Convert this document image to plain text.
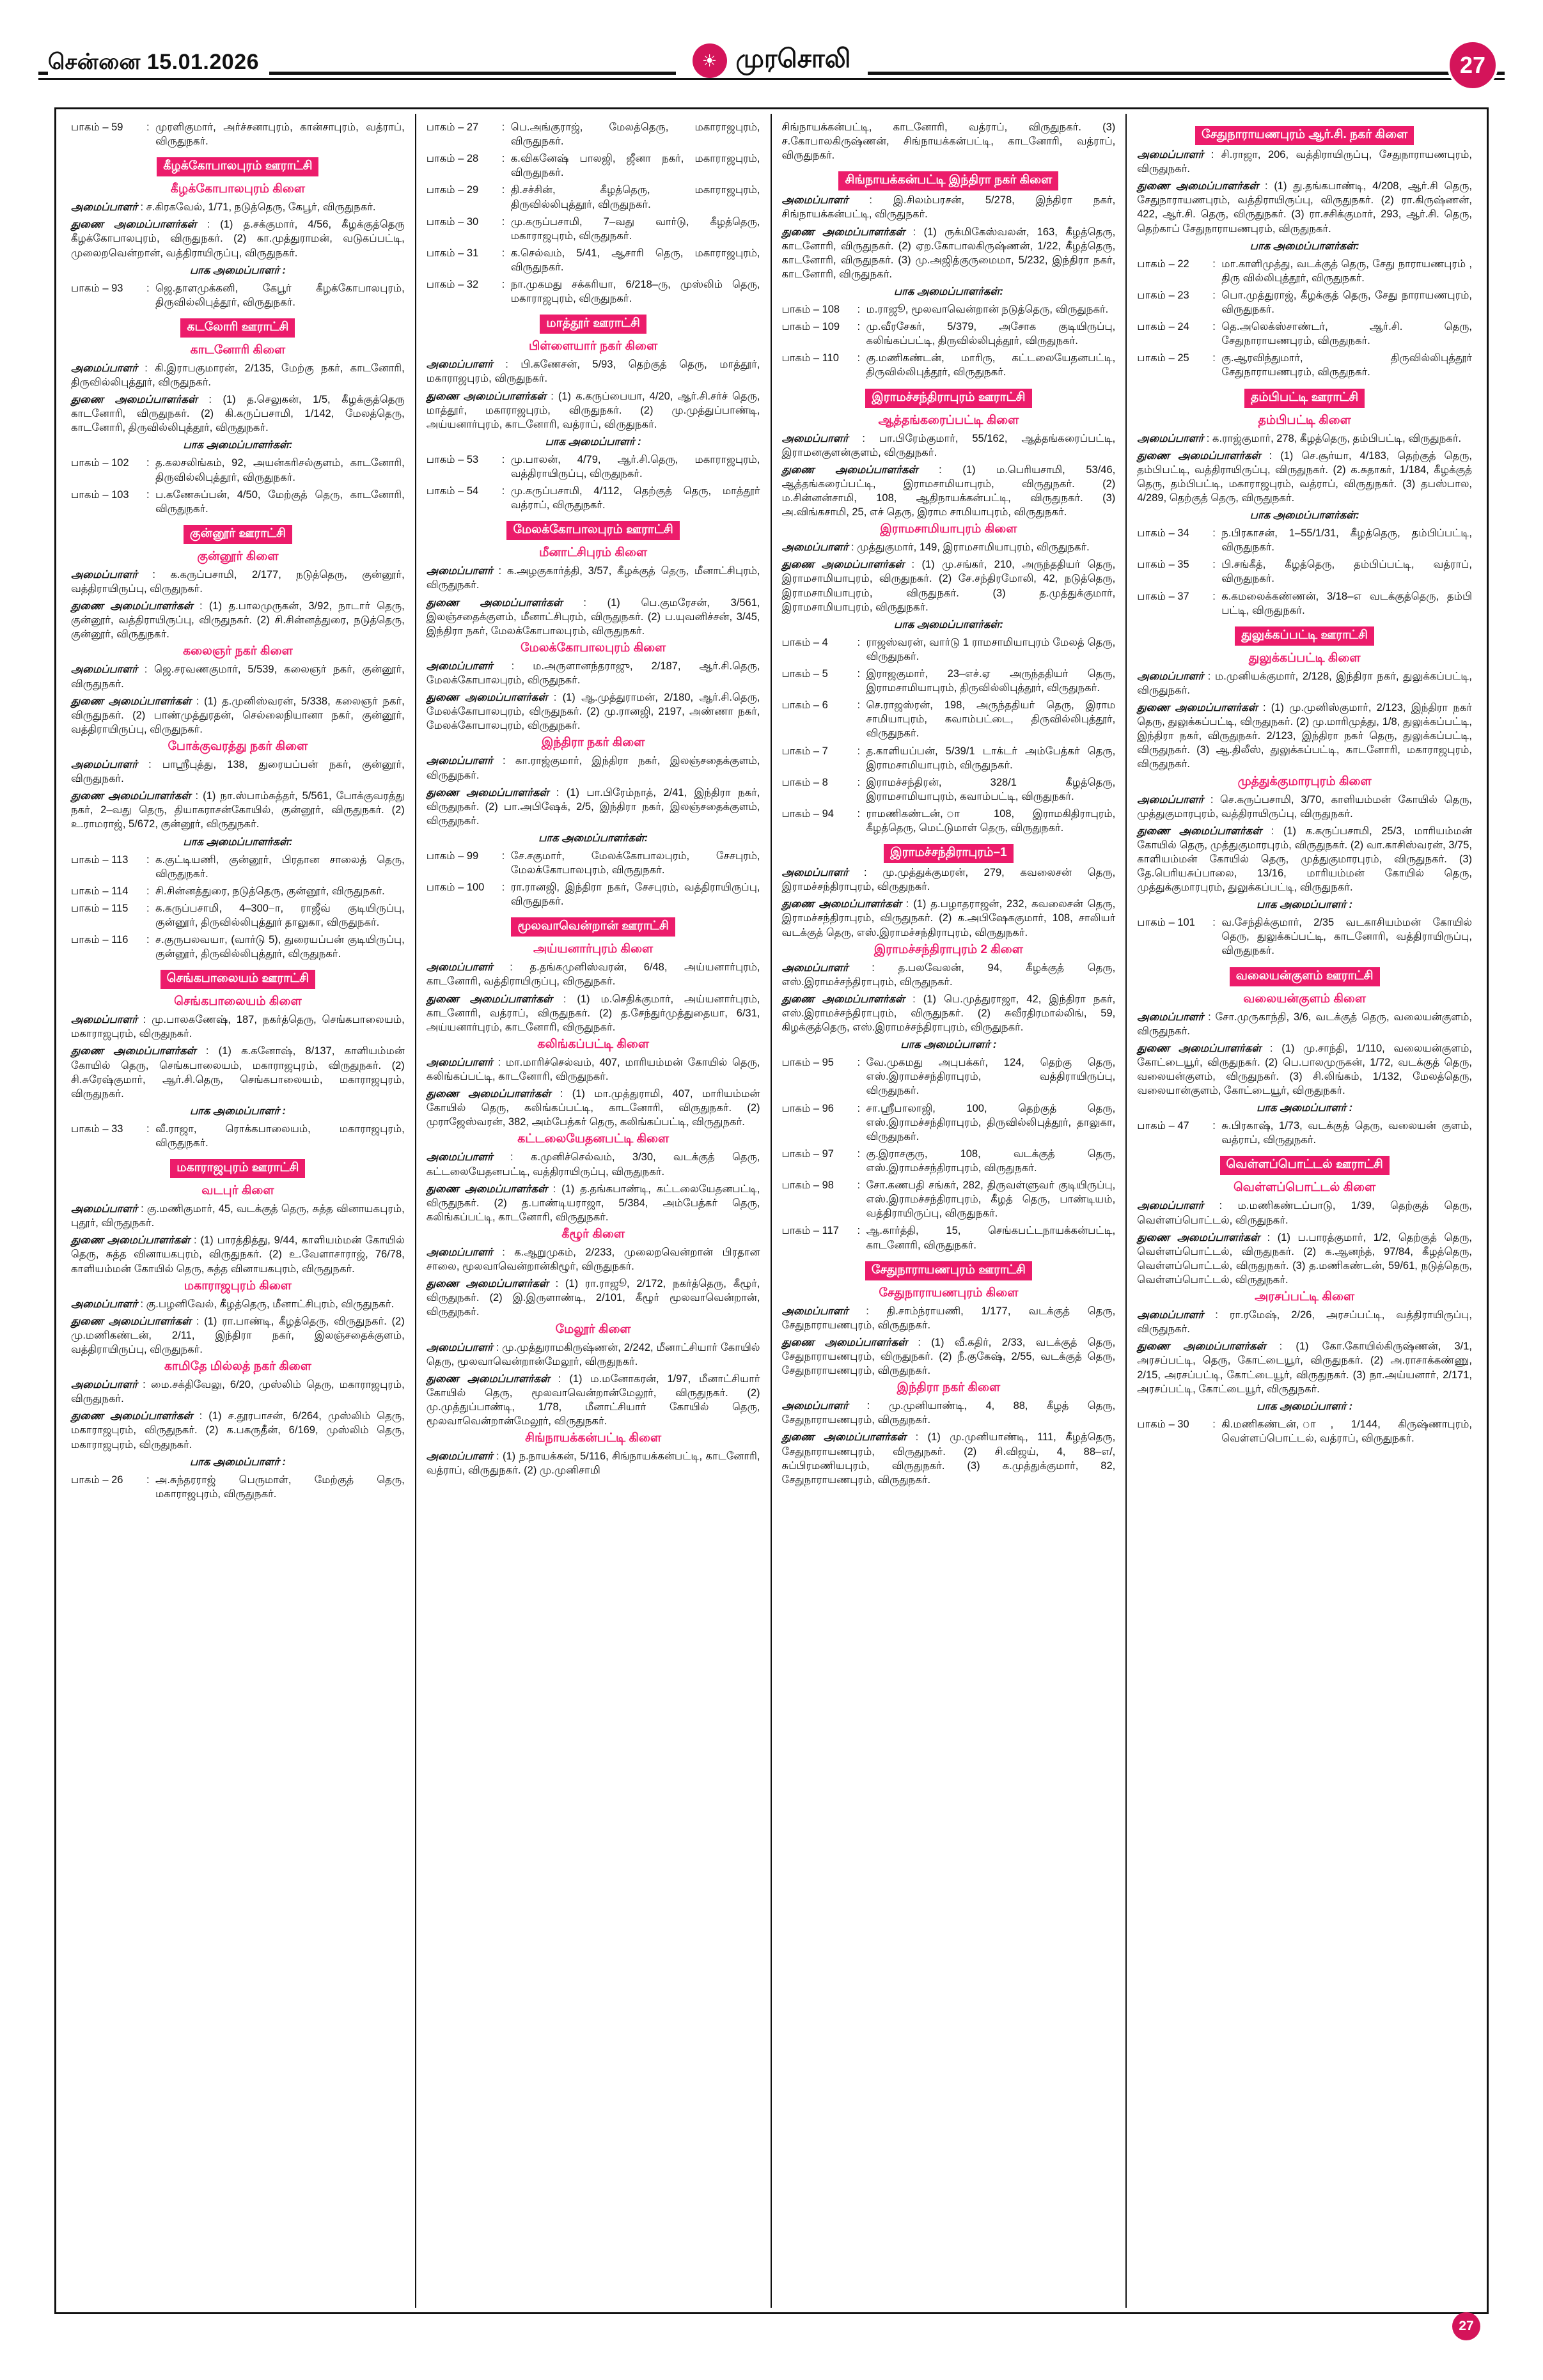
சென்னை 15.01.2026	☀ முரசொலி	27
பாகம் – 59	: முரளிகுமார், அர்ச்சனாபுரம், கான்சாபுரம், வத்ராப், விருதுநகர்.
கீழக்கோபாலபுரம் ஊராட்சி
கீழக்கோபாலபுரம் கிளை

அமைப்பாளர் : ச.கிரகவேல், 1/71, நடுத்தெரு, கேபூர், விருதுநகர்.

துணை அமைப்பாளர்கள் : (1) த.சக்குமார், 4/56, கீழக்குத்தெரு கீழக்கோபாலபுரம், விருதுநகர். (2) கா.முத்துராமன், வடுகப்பட்டி, முலைறவென்றான், வத்திராயிருப்பு, விருதுநகர்.

பாக அமைப்பாளர் :
பாகம் – 93	: ஜெ.தாளமுக்கனி, கேபூர் கீழக்கோபாலபுரம், திருவில்லிபுத்தூர், விருதுநகர்.
கடலோரி ஊராட்சி
காடனோரி கிளை

அமைப்பாளர் : கி.இராபகுமாரன், 2/135, மேற்கு நகர், காடனோரி, திருவில்லிபுத்தூர், விருதுநகர்.

துணை அமைப்பாளர்கள் : (1) த.செலுகன், 1/5, கீழக்குத்தெரு காடனோரி, விருதுநகர். (2) கி.கருப்பசாமி, 1/142, மேலத்தெரு, காடனோரி, திருவில்லிபுத்தூர், விருதுநகர்.

பாக அமைப்பாளர்கள்:
பாகம் – 102	: த.கலசலிங்கம், 92, அயன்கரிசல்குளம், காடனோரி, திருவில்லிபுத்தூர், விருதுநகர்.
பாகம் – 103	: ப.கணேசுப்பன், 4/50, மேற்குத் தெரு, காடனோரி, விருதுநகர்.
குன்னூர் ஊராட்சி
குன்னூர் கிளை

அமைப்பாளர் : க.கருப்பசாமி, 2/177, நடுத்தெரு, குன்னூர், வத்திராயிருப்பு, விருதுநகர்.

துணை அமைப்பாளர்கள் : (1) த.பாலமுருகன், 3/92, நாடார் தெரு, குன்னூர், வத்திராயிருப்பு, விருதுநகர். (2) சி.சின்னத்துரை, நடுத்தெரு, குன்னூர், விருதுநகர்.

கலைஞர் நகர் கிளை

அமைப்பாளர் : ஜெ.சரவணகுமார், 5/539, கலைஞர் நகர், குன்னூர், விருதுநகர்.

துணை அமைப்பாளர்கள் : (1) த.முனிஸ்வரன், 5/338, கலைஞர் நகர், விருதுநகர். (2) பாண்முத்துரதன், செல்லைநியானா நகர், குன்னூர், வத்திராயிருப்பு, விருதுநகர்.

போக்குவரத்து நகர் கிளை

அமைப்பாளர் : பாஸ்ரீபுத்து, 138, துரையப்பன் நகர், குன்னூர், விருதுநகர்.

துணை அமைப்பாளர்கள் : (1) நா.ஸ்பாம்சுத்தர், 5/561, போக்குவரத்து நகர், 2–வது தெரு, தியாகராசன்கோயில், குன்னூர், விருதுநகர். (2) உ.ராமராஜ், 5/672, குன்னூர், விருதுநகர்.

பாக அமைப்பாளர்கள்:
பாகம் – 113	: க.குட்டியணி, குன்னூர், பிரதான சாலைத் தெரு, விருதுநகர்.
பாகம் – 114	: சி.சின்னத்துரை, நடுத்தெரு, குன்னூர், விருதுநகர்.
பாகம் – 115	: க.கருப்பசாமி, 4–300–ா, ராஜீவ் குடியிருப்பு, குன்னூர், திருவில்லிபுத்தூர் தாலுகா, விருதுநகர்.
பாகம் – 116	: ச.குருபலவயா, (வார்டு 5), துரையப்பன் குடியிருப்பு, குன்னூர், திருவில்லிபுத்தூர், விருதுநகர்.
செங்கபாலையம் ஊராட்சி
செங்கபாலையம் கிளை

அமைப்பாளர் : மு.பாலகணேஷ், 187, நகர்த்தெரு, செங்கபாலையம், மகாராஜபுரம், விருதுநகர்.

துணை அமைப்பாளர்கள் : (1) க.கனோஷ், 8/137, காளியம்மன் கோயில் தெரு, செங்கபாலையம், மகாராஜபுரம், விருதுநகர். (2) சி.சுரேஷ்குமார், ஆர்.சி.தெரு, செங்கபாலையம், மகாராஜபுரம், விருதுநகர்.

பாக அமைப்பாளர் :
பாகம் – 33	: வீ.ராஜா, ரொக்கபாலையம், மகாராஜபுரம், விருதுநகர்.
மகாராஜபுரம் ஊராட்சி
வடபுர் கிளை

அமைப்பாளர் : கு.மணிகுமார், 45, வடக்குத் தெரு, சுத்த வினாயகபுரம், புதூர், விருதுநகர்.

துணை அமைப்பாளர்கள் : (1) பாரத்தித்து, 9/44, காளியம்மன் கோயில் தெரு, சுத்த வினாயகபுரம், விருதுநகர். (2) உ.வேளாசாராஜ், 76/78, காளியம்மன் கோயில் தெரு, சுத்த வினாயகபுரம், விருதுநகர்.

மகாராஜபுரம் கிளை

அமைப்பாளர் : கு.பழனிவேல், கீழத்தெரு, மீனாட்சிபுரம், விருதுநகர்.

துணை அமைப்பாளர்கள் : (1) ரா.பாண்டி, கீழத்தெரு, விருதுநகர். (2) மு.மணிகண்டன், 2/11, இந்திரா நகர், இலஞ்சதைக்குளம், வத்திராயிருப்பு, விருதுநகர்.

காமிதே மில்லத் நகர் கிளை

அமைப்பாளர் : மை.சக்திவேலு, 6/20, முஸ்லிம் தெரு, மகாராஜபுரம், விருதுநகர்.

துணை அமைப்பாளர்கள் : (1) ச.தூரபாசன், 6/264, முஸ்லிம் தெரு, மகாராஜபுரம், விருதுநகர். (2) க.பகருதீன், 6/169, முஸ்லிம் தெரு, மகாராஜபுரம், விருதுநகர்.

பாக அமைப்பாளர் :
பாகம் – 26	: அ.சுந்தரராஜ் பெருமாள், மேற்குத் தெரு, மகாராஜபுரம், விருதுநகர்.
பாகம் – 27	: பெ.அங்குராஜ், மேலத்தெரு, மகாராஜபுரம், விருதுநகர்.
பாகம் – 28	: க.விகனேஷ் பாலஜி, ஜீனா நகர், மகாராஜபுரம், விருதுநகர்.
பாகம் – 29	: தி.சச்சின், கீழத்தெரு, மகாராஜபுரம், திருவில்லிபுத்தூர், விருதுநகர்.
பாகம் – 30	: மு.கருப்பசாமி, 7–வது வார்டு, கீழத்தெரு, மகாராஜபுரம், விருதுநகர்.
பாகம் – 31	: க.செல்வம், 5/41, ஆசாரி தெரு, மகாராஜபுரம், விருதுநகர்.
பாகம் – 32	: நா.முகமது சக்கரியா, 6/218–ரு, முஸ்லிம் தெரு, மகாராஜபுரம், விருதுநகர்.
மாத்தூர் ஊராட்சி
பிள்ளையார் நகர் கிளை

அமைப்பாளர் : பி.கணேசன், 5/93, தெற்குத் தெரு, மாத்தூர், மகாராஜபுரம், விருதுநகர்.

துணை அமைப்பாளர்கள் : (1) க.கருப்பையா, 4/20, ஆர்.சி.சர்ச் தெரு, மாத்தூர், மகாராஜபுரம், விருதுநகர். (2) மு.முத்துப்பாண்டி, அய்யனார்புரம், காடனோரி, வத்ராப், விருதுநகர்.

பாக அமைப்பாளர் :
பாகம் – 53	: மு.பாலன், 4/79, ஆர்.சி.தெரு, மகாராஜபுரம், வத்திராயிருப்பு, விருதுநகர்.
பாகம் – 54	: மு.கருப்பசாமி, 4/112, தெற்குத் தெரு, மாத்தூர் வத்ராப், விருதுநகர்.
மேலக்கோபாலபுரம் ஊராட்சி
மீனாட்சிபுரம் கிளை

அமைப்பாளர் : க.அழகுகார்த்தி, 3/57, கீழக்குத் தெரு, மீனாட்சிபுரம், விருதுநகர்.

துணை அமைப்பாளர்கள் : (1) பெ.குமரேசன், 3/561, இலஞ்சதைக்குளம், மீனாட்சிபுரம், விருதுநகர். (2) ப.யுவனிச்சன், 3/45, இந்திரா நகர், மேலக்கோபாலபுரம், விருதுநகர்.

மேலக்கோபாலபுரம் கிளை

அமைப்பாளர் : ம.அருளானந்தராஜு, 2/187, ஆர்.சி.தெரு, மேலக்கோபாலபுரம், விருதுநகர்.

துணை அமைப்பாளர்கள் : (1) ஆ.முத்துராமன், 2/180, ஆர்.சி.தெரு, மேலக்கோபாலபுரம், விருதுநகர். (2) மு.ரானஜி, 2197, அண்ணா நகர், மேலக்கோபாலபுரம், விருதுநகர்.

இந்திரா நகர் கிளை

அமைப்பாளர் : கா.ராஜ்குமார், இந்திரா நகர், இலஞ்சதைக்குளம், விருதுநகர்.

துணை அமைப்பாளர்கள் : (1) பா.பிரேம்நாத், 2/41, இந்திரா நகர், விருதுநகர். (2) பா.அபிஷேக், 2/5, இந்திரா நகர், இலஞ்சதைக்குளம், விருதுநகர்.

பாக அமைப்பாளர்கள்:
பாகம் – 99	: சே.சகுமார், மேலக்கோபாலபுரம், சேசபுரம், மேலக்கோபாலபுரம், விருதுநகர்.
பாகம் – 100	: ரா.ரானஜி, இந்திரா நகர், சேசபுரம், வத்திராயிருப்பு, விருதுநகர்.
மூலவாவென்றான் ஊராட்சி
அய்யனார்புரம் கிளை

அமைப்பாளர் : த.தங்கமுனிஸ்வரன், 6/48, அய்யனார்புரம், காடனோரி, வத்திராயிருப்பு, விருதுநகர்.

துணை அமைப்பாளர்கள் : (1) ம.செதிக்குமார், அய்யனார்புரம், காடனோரி, வத்ராப், விருதுநகர். (2) த.சேந்துர்முத்துதையா, 6/31, அய்யனார்புரம், காடனோரி, விருதுநகர்.

கலிங்கப்பட்டி கிளை

அமைப்பாளர் : மா.மாரிச்செல்வம், 407, மாரியம்மன் கோயில் தெரு, கலிங்கப்பட்டி, காடனோரி, விருதுநகர்.

துணை அமைப்பாளர்கள் : (1) மா.முத்துராமி, 407, மாரியம்மன் கோயில் தெரு, கலிங்கப்பட்டி, காடனோரி, விருதுநகர். (2) முராஜேஸ்வரன், 382, அம்பேத்கர் தெரு, கலிங்கப்பட்டி, விருதுநகர்.

கட்டலையேதனபட்டி கிளை

அமைப்பாளர் : க.முனிச்செல்வம், 3/30, வடக்குத் தெரு, கட்டலையேதனபட்டி, வத்திராயிருப்பு, விருதுநகர்.

துணை அமைப்பாளர்கள் : (1) த.தங்கபாண்டி, கட்டலையேதனபட்டி, விருதுநகர். (2) த.பாண்டியராஜா, 5/384, அம்பேத்கர் தெரு, கலிங்கப்பட்டி, காடனோரி, விருதுநகர்.

கீழூர் கிளை

அமைப்பாளர் : க.ஆறுமுகம், 2/233, முலைறவென்றான் பிரதான சாலை, மூலவாவென்றான்கிழூர், விருதுநகர்.

துணை அமைப்பாளர்கள் : (1) ரா.ராஜூ, 2/172, நகர்த்தெரு, கீழூர், விருதுநகர். (2) இ.இருளாண்டி, 2/101, கீழூர் மூலவாவென்றான், விருதுநகர்.

மேலூர் கிளை

அமைப்பாளர் : மு.முத்துராமகிருஷ்ணன், 2/242, மீனாட்சியார் கோயில் தெரு, மூலவாவென்றான்மேலூர், விருதுநகர்.

துணை அமைப்பாளர்கள் : (1) ம.மனோகரன், 1/97, மீனாட்சியார் கோயில் தெரு, மூலவாவென்றான்மேலூர், விருதுநகர். (2) மு.முத்துப்பாண்டி, 1/78, மீனாட்சியார் கோயில் தெரு, மூலவாவென்றான்மேலூர், விருதுநகர்.

சிங்நாயக்கன்பட்டி கிளை

அமைப்பாளர் : (1) ந.நாயக்கன், 5/116, சிங்நாயக்கன்பட்டி, காடனோரி, வத்ராப், விருதுநகர். (2) மு.முனிசாமி

சிங்நாயக்கன்பட்டி, காடனோரி, வத்ராப், விருதுநகர். (3) ச.கோபாலகிருஷ்ணன், சிங்நாயக்கன்பட்டி, காடனோரி, வத்ராப், விருதுநகர்.

சிங்நாயக்கன்பட்டி இந்திரா நகர் கிளை

அமைப்பாளர் : இ.சிலம்பரசன், 5/278, இந்திரா நகர், சிங்நாயக்கன்பட்டி, விருதுநகர்.

துணை அமைப்பாளர்கள் : (1) ருக்மிகேஸ்வலன், 163, கீழத்தெரு, காடனோரி, விருதுநகர். (2) ஏற.கோபாலகிருஷ்ணன், 1/22, கீழத்தெரு, காடனோரி, விருதுநகர். (3) மு.அஜித்குருமைமா, 5/232, இந்திரா நகர், காடனோரி, விருதுநகர்.

பாக அமைப்பாளர்கள்:
பாகம் – 108	: ம.ராஜூ, மூலவாவென்றான் நடுத்தெரு, விருதுநகர்.
பாகம் – 109	: மு.வீரசேகர், 5/379, அசோக குடியிருப்பு, கலிங்கப்பட்டி, திருவில்லிபுத்தூர், விருதுநகர்.
பாகம் – 110	: கு.மணிகண்டன், மாரிரு, கட்டலையேதனபட்டி, திருவில்லிபுத்தூர், விருதுநகர்.
இராமச்சந்திராபுரம் ஊராட்சி
ஆத்தங்கரைப்பட்டி கிளை

அமைப்பாளர் : பா.பிரேம்குமார், 55/162, ஆத்தங்கரைப்பட்டி, இராமனகுளன்குளம், விருதுநகர்.

துணை அமைப்பாளர்கள் : (1) ம.பெரியசாமி, 53/46, ஆத்தங்கரைப்பட்டி, இராமசாமியாபுரம், விருதுநகர். (2) ம.சின்னன்சாமி, 108, ஆதிநாயக்கன்பட்டி, விருதுநகர். (3) அ.விங்கசாமி, 25, எச் தெரு, இராம சாமியாபுரம், விருதுநகர்.

இராமசாமியாபுரம் கிளை

அமைப்பாளர் : முத்துகுமார், 149, இராமசாமியாபுரம், விருதுநகர்.

துணை அமைப்பாளர்கள் : (1) மு.சங்கர், 210, அருந்ததியர் தெரு, இராமசாமியாபுரம், விருதுநகர். (2) சே.சந்திரமோலி, 42, நடுத்தெரு, இராமசாமியாபுரம், விருதுநகர். (3) த.முத்துக்குமார், இராமசாமியாபுரம், விருதுநகர்.

பாக அமைப்பாளர்கள்:
பாகம் – 4	: ராஜஸ்வரன், வார்டு 1 ராமசாமியாபுரம் மேலத் தெரு, விருதுநகர்.
பாகம் – 5	: இராஜகுமார், 23–எச்.ஏ அருந்ததியர் தெரு, இராமசாமியாபுரம், திருவில்லிபுத்தூர், விருதுநகர்.
பாகம் – 6	: செ.ராஜஸ்ரன், 198, அருந்ததியர் தெரு, இராம சாமியாபுரம், கவாம்பட்டை, திருவில்லிபுத்தூர், விருதுநகர்.
பாகம் – 7	: த.காளியப்பன், 5/39/1 டாக்டர் அம்பேத்கர் தெரு, இராமசாமியாபுரம், விருதுநகர்.
பாகம் – 8	: இராமச்சந்திரன், 328/1 கீழத்தெரு, இராமசாமியாபுரம், கவாம்பட்டி, விருதுநகர்.
பாகம் – 94	: ராமணிகண்டன், ா 108, இராமகிதிராபுரம், கீழத்தெரு, மெட்டுமாள் தெரு, விருதுநகர்.
இராமச்சந்திராபுரம்–1

அமைப்பாளர் : மு.முத்துக்குமரன், 279, கவலைசன் தெரு, இராமச்சந்திராபுரம், விருதுநகர்.

துணை அமைப்பாளர்கள் : (1) த.பழாதராஜன், 232, கவலைசன் தெரு, இராமச்சந்திராபுரம், விருதுநகர். (2) க.அபிஷேககுமார், 108, சாலியர் வடக்குத் தெரு, எஸ்.இராமச்சந்திராபுரம், விருதுநகர்.

இராமச்சந்திராபுரம் 2 கிளை

அமைப்பாளர் : த.பலவேலன், 94, கீழக்குத் தெரு, எஸ்.இராமச்சந்திராபுரம், விருதுநகர்.

துணை அமைப்பாளர்கள் : (1) பெ.முத்துராஜா, 42, இந்திரா நகர், எஸ்.இராமச்சந்திராபுரம், விருதுநகர். (2) சுவீரதிரமால்லிங், 59, கிழக்குத்தெரு, எஸ்.இராமச்சந்திராபுரம், விருதுநகர்.

பாக அமைப்பாளர் :
பாகம் – 95	: வே.முகமது அபுபக்கர், 124, தெற்கு தெரு, எஸ்.இராமச்சந்திராபுரம், வத்திராயிருப்பு, விருதுநகர்.
பாகம் – 96	: சா.ஸ்ரீபாலாஜி, 100, தெற்குத் தெரு, எஸ்.இராமச்சந்திராபுரம், திருவில்லிபுத்தூர், தாலுகா, விருதுநகர்.
பாகம் – 97	: கு.இராசகுரு, 108, வடக்குத் தெரு, எஸ்.இராமச்சந்திராபுரம், விருதுநகர்.
பாகம் – 98	: சோ.கணபதி சங்கர், 282, திருவள்ளுவர் குடியிருப்பு, எஸ்.இராமச்சந்திராபுரம், கீழத் தெரு, பாண்டியம், வத்திராயிருப்பு, விருதுநகர்.
பாகம் – 117	: ஆ.கார்த்தி, 15, செங்கபட்டநாயக்கன்பட்டி, காடனோரி, விருதுநகர்.
சேதுநாராயணபுரம் ஊராட்சி
சேதுநாராயணபுரம் கிளை

அமைப்பாளர் : தி.சாம்ந்ராயணி, 1/177, வடக்குத் தெரு, சேதுநாராயணபுரம், விருதுநகர்.

துணை அமைப்பாளர்கள் : (1) வீ.கதிர், 2/33, வடக்குத் தெரு, சேதுநாராயணபுரம், விருதுநகர். (2) நீ.குகேஷ், 2/55, வடக்குத் தெரு, சேதுநாராயணபுரம், விருதுநகர்.

இந்திரா நகர் கிளை

அமைப்பாளர் : மு.முனியாண்டி, 4, 88, கீழத் தெரு, சேதுநாராயணபுரம், விருதுநகர்.

துணை அமைப்பாளர்கள் : (1) மு.முனியாண்டி, 111, கீழத்தெரு, சேதுநாராயணபுரம், விருதுநகர். (2) சி.விஜய், 4, 88–எ/, சுப்பிரமணியபுரம், விருதுநகர். (3) க.முத்துக்குமார், 82, சேதுநாராயணபுரம், விருதுநகர்.

சேதுநாராயணபுரம் ஆர்.சி. நகர் கிளை

அமைப்பாளர் : சி.ராஜா, 206, வத்திராயிருப்பு, சேதுநாராயணபுரம், விருதுநகர்.

துணை அமைப்பாளர்கள் : (1) து.தங்கபாண்டி, 4/208, ஆர்.சி தெரு, சேதுநாராயணபுரம், வத்திராயிருப்பு, விருதுநகர். (2) ரா.கிருஷ்ணன், 422, ஆர்.சி. தெரு, விருதுநகர். (3) ரா.சசிக்குமார், 293, ஆர்.சி. தெரு, தெற்காப் சேதுநாராயணபுரம், விருதுநகர்.

பாக அமைப்பாளர்கள்:
பாகம் – 22	: மா.காளிமுத்து, வடக்குத் தெரு, சேது நாராயணபுரம் , திரு வில்லிபுத்தூர், விருதுநகர்.
பாகம் – 23	: பொ.முத்துராஜ், கீழக்குத் தெரு, சேது நாராயணபுரம், விருதுநகர்.
பாகம் – 24	: தெ.அலெக்ஸ்சாண்டர், ஆர்.சி. தெரு, சேதுநாராயணபுரம், விருதுநகர்.
பாகம் – 25	: கு.ஆரவிந்துமார், திருவில்லிபுத்தூர் சேதுநாராயணபுரம், விருதுநகர்.
தம்பிபட்டி ஊராட்சி
தம்பிபட்டி கிளை

அமைப்பாளர் : க.ராஜ்குமார், 278, கீழத்தெரு, தம்பிபட்டி, விருதுநகர்.

துணை அமைப்பாளர்கள் : (1) செ.சூர்யா, 4/183, தெற்குத் தெரு, தம்பிபட்டி, வத்திராயிருப்பு, விருதுநகர். (2) க.சுதாகர், 1/184, கீழக்குத் தெரு, தம்பிபட்டி, மகாராஜபுரம், வத்ராப், விருதுநகர். (3) தபஸ்பால, 4/289, தெற்குத் தெரு, விருதுநகர்.

பாக அமைப்பாளர்கள்:
பாகம் – 34	: ந.பிரகாசன், 1–55/1/31, கீழத்தெரு, தம்பிப்பட்டி, விருதுநகர்.
பாகம் – 35	: பி.சங்கீத், கீழத்தெரு, தம்பிப்பட்டி, வத்ராப், விருதுநகர்.
பாகம் – 37	: க.கமலைக்கண்ணன், 3/18–எ வடக்குத்தெரு, தம்பி பட்டி, விருதுநகர்.
துலுக்கப்பட்டி ஊராட்சி
துலுக்கப்பட்டி கிளை

அமைப்பாளர் : ம.முனியக்குமார், 2/128, இந்திரா நகர், துலுக்கப்பட்டி, விருதுநகர்.

துணை அமைப்பாளர்கள் : (1) மு.முனிஸ்குமார், 2/123, இந்திரா நகர் தெரு, துலுக்கப்பட்டி, விருதுநகர். (2) மு.மாரிமுத்து, 1/8, துலுக்கப்பட்டி, இந்திரா நகர், விருதுநகர். 2/123, இந்திரா நகர் தெரு, துலுக்கப்பட்டி, விருதுநகர். (3) ஆ.திலீஸ், துலுக்கப்பட்டி, காடனோரி, மகாராஜபுரம், விருதுநகர்.

முத்துக்குமாரபுரம் கிளை

அமைப்பாளர் : செ.கருப்பசாமி, 3/70, காளியம்மன் கோயில் தெரு, முத்துகுமாரபுரம், வத்திராயிருப்பு, விருதுநகர்.

துணை அமைப்பாளர்கள் : (1) க.கருப்பசாமி, 25/3, மாரியம்மன் கோயில் தெரு, முத்துகுமாரபுரம், விருதுநகர். (2) வா.காசிஸ்வரன், 3/75, காளியம்மன் கோயில் தெரு, முத்துகுமாரபுரம், விருதுநகர். (3) தே.பெரியசுப்பாலை, 13/16, மாரியம்மன் கோயில் தெரு, முத்துக்குமாரபுரம், துலுக்கப்பட்டி, விருதுநகர்.

பாக அமைப்பாளர் :
பாகம் – 101	: வ.சேந்திக்குமார், 2/35 வடகாசியம்மன் கோயில் தெரு, துலுக்கப்பட்டி, காடனோரி, வத்திராயிருப்பு, விருதுநகர்.
வலையன்குளம் ஊராட்சி
வலையன்குளம் கிளை

அமைப்பாளர் : சோ.முருகாந்தி, 3/6, வடக்குத் தெரு, வலையன்குளம், விருதுநகர்.

துணை அமைப்பாளர்கள் : (1) மு.சாந்தி, 1/110, வலையன்குளம், கோட்டையூர், விருதுநகர். (2) பெ.பாலமுருகன், 1/72, வடக்குத் தெரு, வலையன்குளம், விருதுநகர். (3) சி.லிங்கம், 1/132, மேலத்தெரு, வலையான்குளம், கோட்டையூர், விருதுநகர்.

பாக அமைப்பாளர் :
பாகம் – 47	: சு.பிரகாஷ், 1/73, வடக்குத் தெரு, வலையன் குளம், வத்ராப், விருதுநகர்.
வெள்ளப்பொட்டல் ஊராட்சி
வெள்ளப்பொட்டல் கிளை

அமைப்பாளர் : ம.மணிகண்டப்பாடு, 1/39, தெற்குத் தெரு, வெள்ளப்பொட்டல், விருதுநகர்.

துணை அமைப்பாளர்கள் : (1) ப.பாரத்குமார், 1/2, தெற்குத் தெரு, வெள்ளப்பொட்டல், விருதுநகர். (2) க.ஆனந்த், 97/84, கீழத்தெரு, வெள்ளப்பொட்டல், விருதுநகர். (3) த.மணிகண்டன், 59/61, நடுத்தெரு, வெள்ளப்பொட்டல், விருதுநகர்.

அரசப்பட்டி கிளை

அமைப்பாளர் : ரா.ரமேஷ், 2/26, அரசப்பட்டி, வத்திராயிருப்பு, விருதுநகர்.

துணை அமைப்பாளர்கள் : (1) கோ.கோயில்கிருஷ்ணன், 3/1, அரசப்பட்டி, தெரு, கோட்டையூர், விருதுநகர். (2) அ.ராசாக்கண்ணு, 2/15, அரசப்பட்டி, கோட்டையூர், விருதுநகர். (3) நா.அய்யனார், 2/171, அரசப்பட்டி, கோட்டையூர், விருதுநகர்.

பாக அமைப்பாளர் :
பாகம் – 30	: கி.மணிகண்டன், ா, 1/144, கிருஷ்ணாபுரம், வெள்ளப்பொட்டல், வத்ராப், விருதுநகர்.
27
